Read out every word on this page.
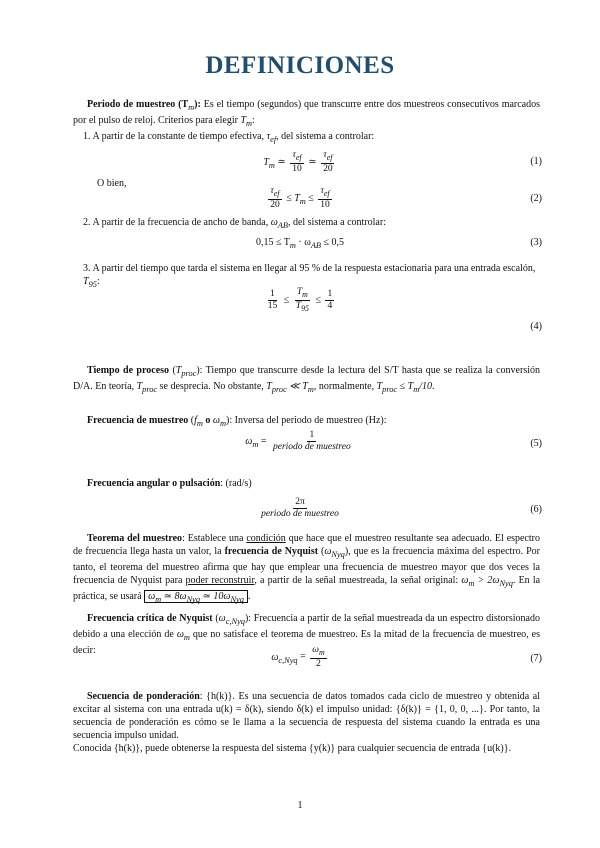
DEFINICIONES
Periodo de muestreo $(T_m)$: Es el tiempo (segundos) que transcurre entre dos muestreos consecutivos marcados por el pulso de reloj. Criterios para elegir $T_m$:
1. A partir de la constante de tiempo efectiva, $\tau_{ef}$, del sistema a controlar:
$T_m$ ≃ $\frac{\tau_{ef}}{10}$ ≃ $\frac{\tau_{ef}}{20}$	(1)
O bien,
$\frac{\tau_{ef}}{20} \le T_m \le \frac{\tau_{ef}}{10}$	(2)
2. A partir de la frecuencia de ancho de banda, $\omega_{AB}$, del sistema a controlar:
$0,15 \le T_m \cdot \omega_{AB} \le 0,5$	(3)
3. A partir del tiempo que tarda el sistema en llegar al 95 % de la respuesta estacionaria para una entrada escalón, $T_{95}$:
$\frac{1}{15} \le \frac{T_m}{T_{95}} \le \frac{1}{4}$
(4)
Tiempo de proceso $(T_{proc})$: Tiempo que transcurre desde la lectura del S/T hasta que se realiza la conversión D/A. En teoría, $T_{proc}$ se desprecia. No obstante, $T_{proc}$ ≪ $T_m$, normalmente, $T_{proc} \le T_m/10$.
Frecuencia de muestreo ($f_m$ o $\omega_m$): Inversa del periodo de muestreo (Hz):
$\omega_m = \frac{1}{\text{periodo de muestreo}}$	(5)
Frecuencia angular o pulsación: (rad/s)
$\frac{2\pi}{\text{periodo de muestreo}}$	(6)
Teorema del muestreo: Establece una condición que hace que el muestreo resultante sea adecuado. El espectro de frecuencia llega hasta un valor, la frecuencia de Nyquist $(\omega_{Nyq})$, que es la frecuencia máxima del espectro. Por tanto, el teorema del muestreo afirma que hay que emplear una frecuencia de muestreo mayor que dos veces la frecuencia de Nyquist para poder reconstruir, a partir de la señal muestreada, la señal original: $\omega_m > 2\omega_{Nyq}$. En la práctica, se usará $\omega_m$ ≃ $8\omega_{Nyq}$ ≃ $10\omega_{Nyq}$ .
Frecuencia crítica de Nyquist $(\omega_{c,Nyq})$: Frecuencia a partir de la señal muestreada da un espectro distorsionado debido a una elección de $\omega_m$ que no satisface el teorema de muestreo. Es la mitad de la frecuencia de muestreo, es decir:
$\omega_{c,Nyq} = \frac{\omega_m}{2}$	(7)
Secuencia de ponderación: {h(k)}. Es una secuencia de datos tomados cada ciclo de muestreo y obtenida al excitar al sistema con una entrada u(k) = δ(k), siendo δ(k) el impulso unidad: {δ(k)} = {1, 0, 0, ...}. Por tanto, la secuencia de ponderación es cómo se le llama a la secuencia de respuesta del sistema cuando la entrada es una secuencia impulso unidad.
Conocida {h(k)}, puede obtenerse la respuesta del sistema {y(k)} para cualquier secuencia de entrada {u(k)}.
1
